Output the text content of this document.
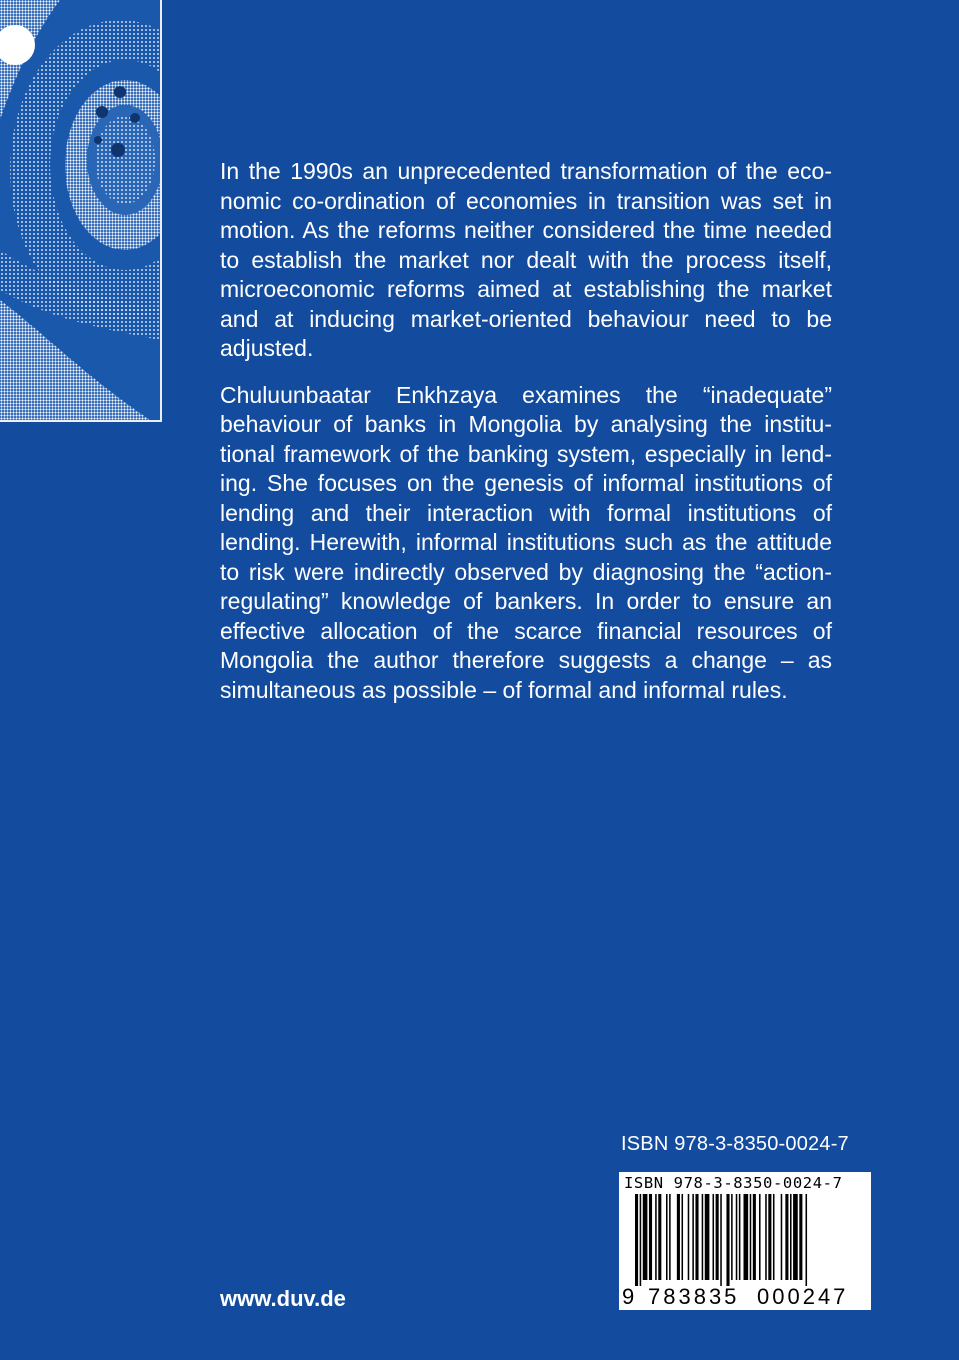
In the 1990s an unprecedented transformation of the economic co-ordination of economies in transition was set in motion. As the reforms neither considered the time needed to establish the market nor dealt with the process itself, microeconomic reforms aimed at establishing the market and at inducing market-oriented behaviour need to be adjusted.

Chuluunbaatar Enkhzaya examines the “inadequate” behaviour of banks in Mongolia by analysing the institutional framework of the banking system, especially in lending. She focuses on the genesis of informal institutions of lending and their interaction with formal institutions of lending. Herewith, informal institutions such as the attitude to risk were indirectly observed by diagnosing the “action-regulating” knowledge of bankers. In order to ensure an effective allocation of the scarce financial resources of Mongolia the author therefore suggests a change – as simultaneous as possible – of formal and informal rules.

ISBN 978-3-8350-0024-7
ISBN 978-3-8350-0024-7
9 783835 000247
www.duv.de
